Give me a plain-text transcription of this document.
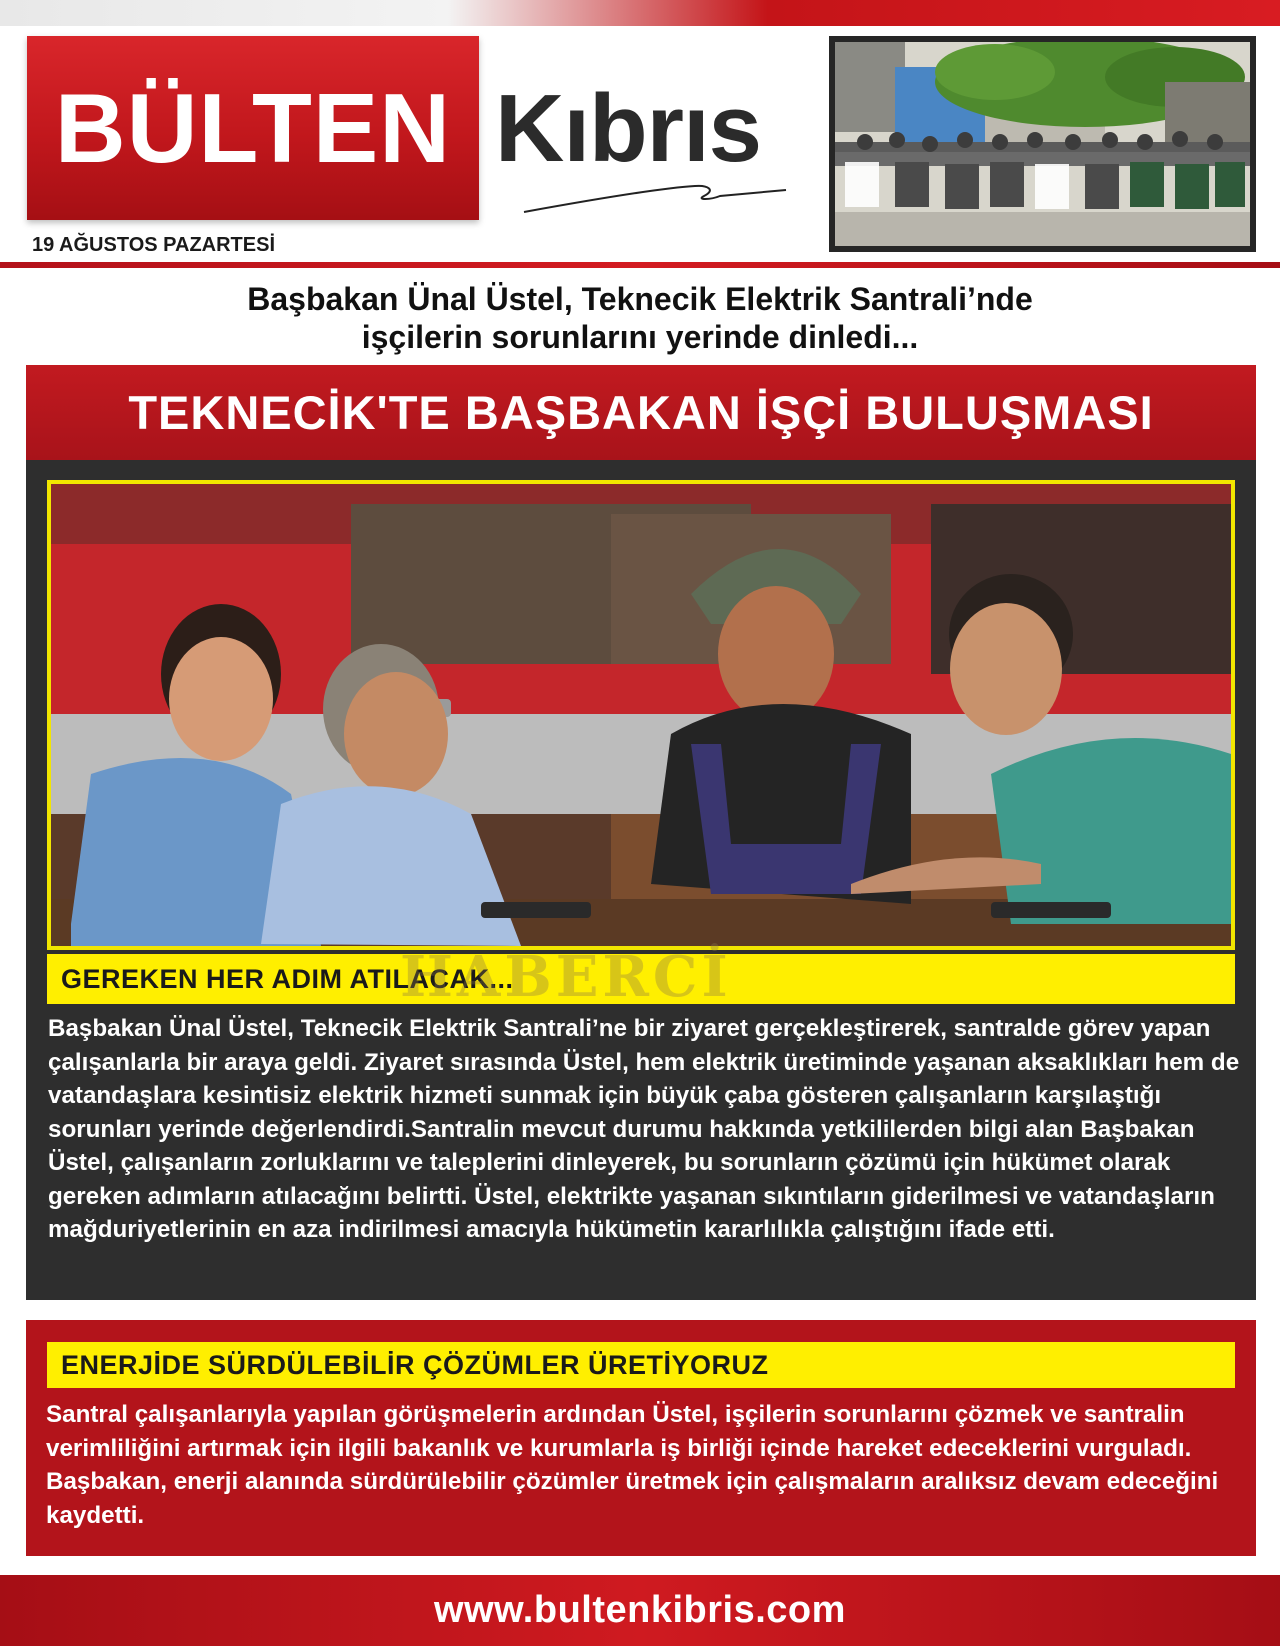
BÜLTEN Kıbrıs
19 AĞUSTOS PAZARTESİ
Başbakan Ünal Üstel, Teknecik Elektrik Santrali’nde
işçilerin sorunlarını yerinde dinledi...
TEKNECİK'TE BAŞBAKAN İŞÇİ BULUŞMASI
GEREKEN HER ADIM ATILACAK...
HABERCİ
Başbakan Ünal Üstel, Teknecik Elektrik Santrali’ne bir ziyaret gerçekleştirerek, santralde görev yapan çalışanlarla bir araya geldi. Ziyaret sırasında Üstel, hem elektrik üretiminde yaşanan aksaklıkları hem de vatandaşlara kesintisiz elektrik hizmeti sunmak için büyük çaba gösteren çalışanların karşılaştığı sorunları yerinde değerlendirdi.Santralin mevcut durumu hakkında yetkililerden bilgi alan Başbakan Üstel, çalışanların zorluklarını ve taleplerini dinleyerek, bu sorunların çözümü için hükümet olarak gereken adımların atılacağını belirtti. Üstel, elektrikte yaşanan sıkıntıların giderilmesi ve vatandaşların mağduriyetlerinin en aza indirilmesi amacıyla hükümetin kararlılıkla çalıştığını ifade etti.
ENERJİDE SÜRDÜLEBİLİR ÇÖZÜMLER ÜRETİYORUZ
Santral çalışanlarıyla yapılan görüşmelerin ardından Üstel, işçilerin sorunlarını çözmek ve santralin verimliliğini artırmak için ilgili bakanlık ve kurumlarla iş birliği içinde hareket edeceklerini vurguladı. Başbakan, enerji alanında sürdürülebilir çözümler üretmek için çalışmaların aralıksız devam edeceğini kaydetti.
www.bultenkibris.com
